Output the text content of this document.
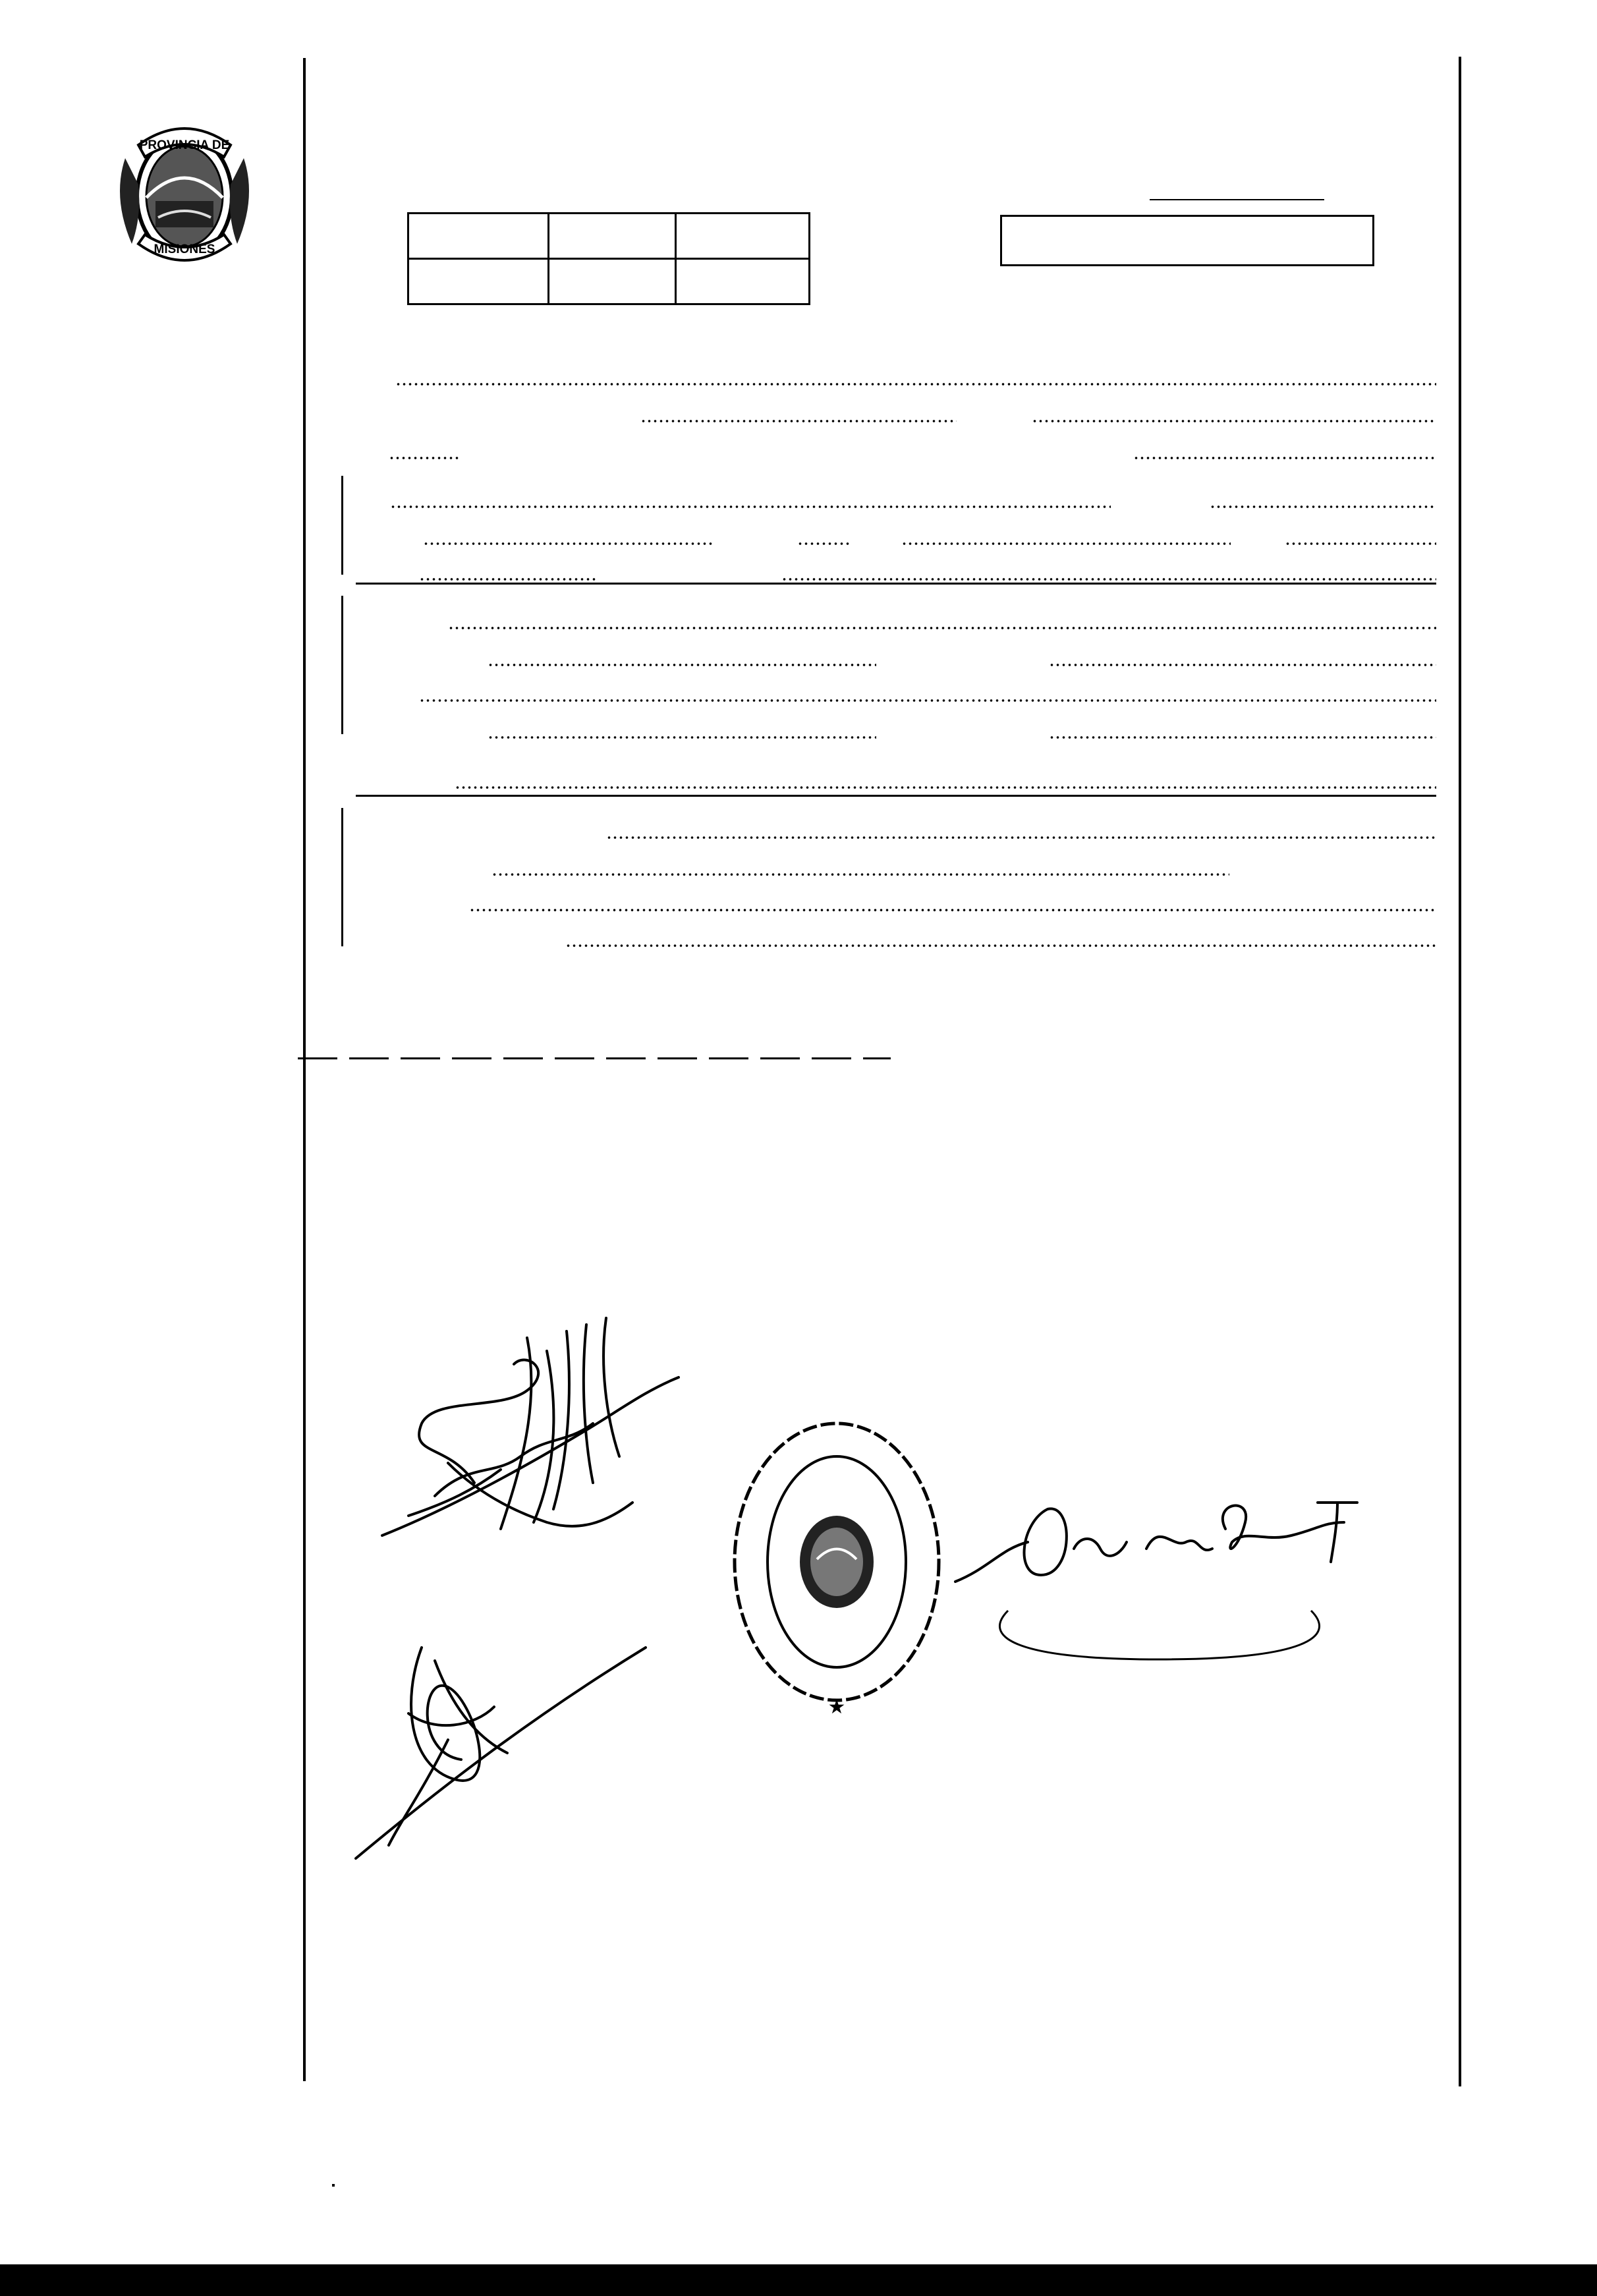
PROVINCIA DE
MISIONES

★
